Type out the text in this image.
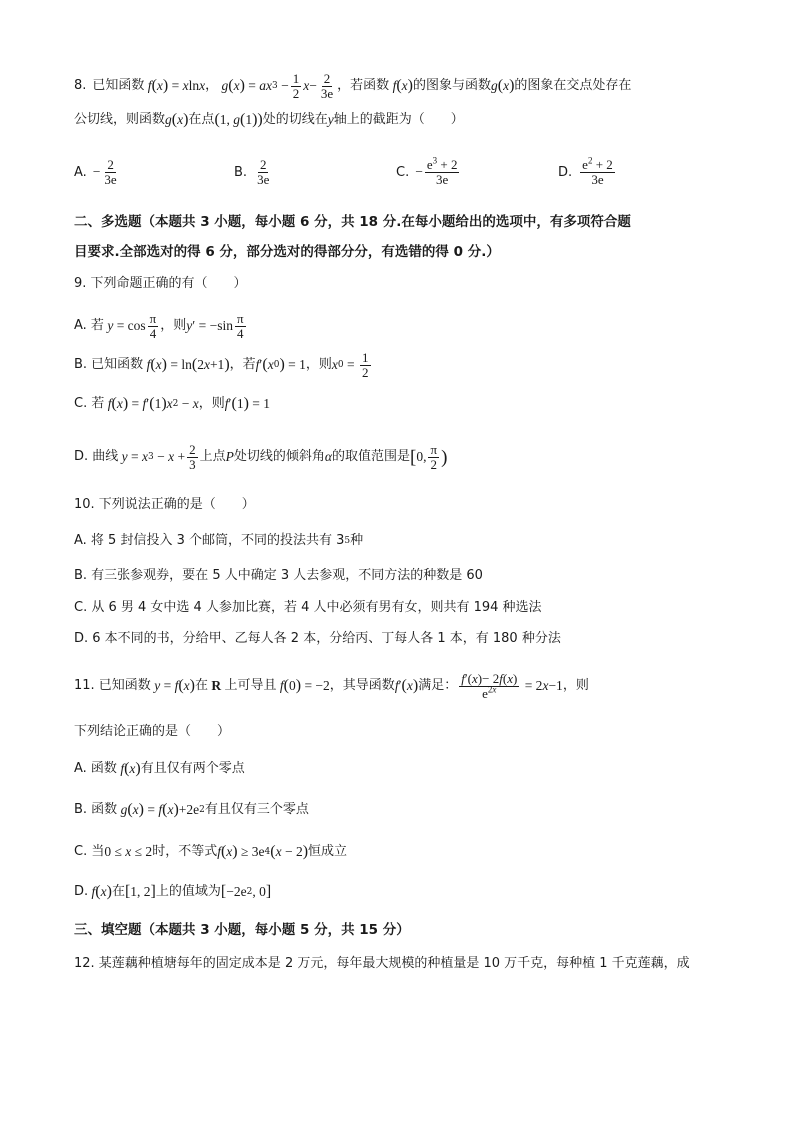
8. 已知函数 f ( x ) = x ln x ， g ( x ) = ax $3 - \frac{1}{2}$ $x - \frac{2}{3e}$ ，若函数 f ( x ) 的图象与函数 g ( x ) 的图象在交点处存在
公切线，则函数 g ( x ) 在点 ( 1, g ( 1 ) ) 处的切线在 y 轴上的截距为（　　）
A. − $\frac{2}{3e}$	B. $\frac{2}{3e}$	C. − $\frac{e^3 + 2}{3e}$	D. $\frac{e^2 + 2}{3e}$
二、多选题（本题共 3 小题，每小题 6 分，共 18 分.在每小题给出的选项中，有多项符合题
目要求.全部选对的得 6 分，部分选对的得部分分，有选错的得 0 分.）
9. 下列命题正确的有（　　）
A. 若 $y = \cos \frac{\pi}{4}$ ，则 y ′ = $-\sin \frac{\pi}{4}$
B. 已知函数 f ( x ) = ln ( 2 x +1 ) ，若 f ′ ( x 0 ) = 1 ，则 x $0 = \frac{1}{2}$
C. 若 f ( x ) = f ′ ( 1 ) x 2 − x ，则 f ′ ( 1 ) = 1
D. 曲线 y = x $3 - x + \frac{2}{3}$ 上点 P 处切线的倾斜角 α 的取值范围是 [ 0, $\frac{\pi}{2}$ )
10. 下列说法正确的是（　　）
A. 将 5 封信投入 3 个邮筒，不同的投法共有 3 5 种
B. 有三张参观券，要在 5 人中确定 3 人去参观，不同方法的种数是 60
C. 从 6 男 4 女中选 4 人参加比赛，若 4 人中必须有男有女，则共有 194 种选法
D. 6 本不同的书，分给甲、乙每人各 2 本，分给丙、丁每人各 1 本，有 180 种分法
11. 已知函数 y = f ( x ) 在 R 上可导且 f ( 0 ) = −2 ，其导函数 f ′ ( x ) 满足： $\frac{f'(x)- 2f(x)}{e^{2x}} = 2$ x −1 ，则
下列结论正确的是（　　）
A. 函数 f ( x ) 有且仅有两个零点
B. 函数 g ( x ) = f ( x ) +2e 2 有且仅有三个零点
C. 当 0 ≤ x ≤ 2 时，不等式 f ( x ) ≥ 3e 4 ( x − 2 ) 恒成立
D. f ( x ) 在 [ 1, 2 ] 上的值域为 [ −2e 2 , 0 ]
三、填空题（本题共 3 小题，每小题 5 分，共 15 分）
12. 某莲藕种植塘每年的固定成本是 2 万元，每年最大规模的种植量是 10 万千克，每种植 1 千克莲藕，成
